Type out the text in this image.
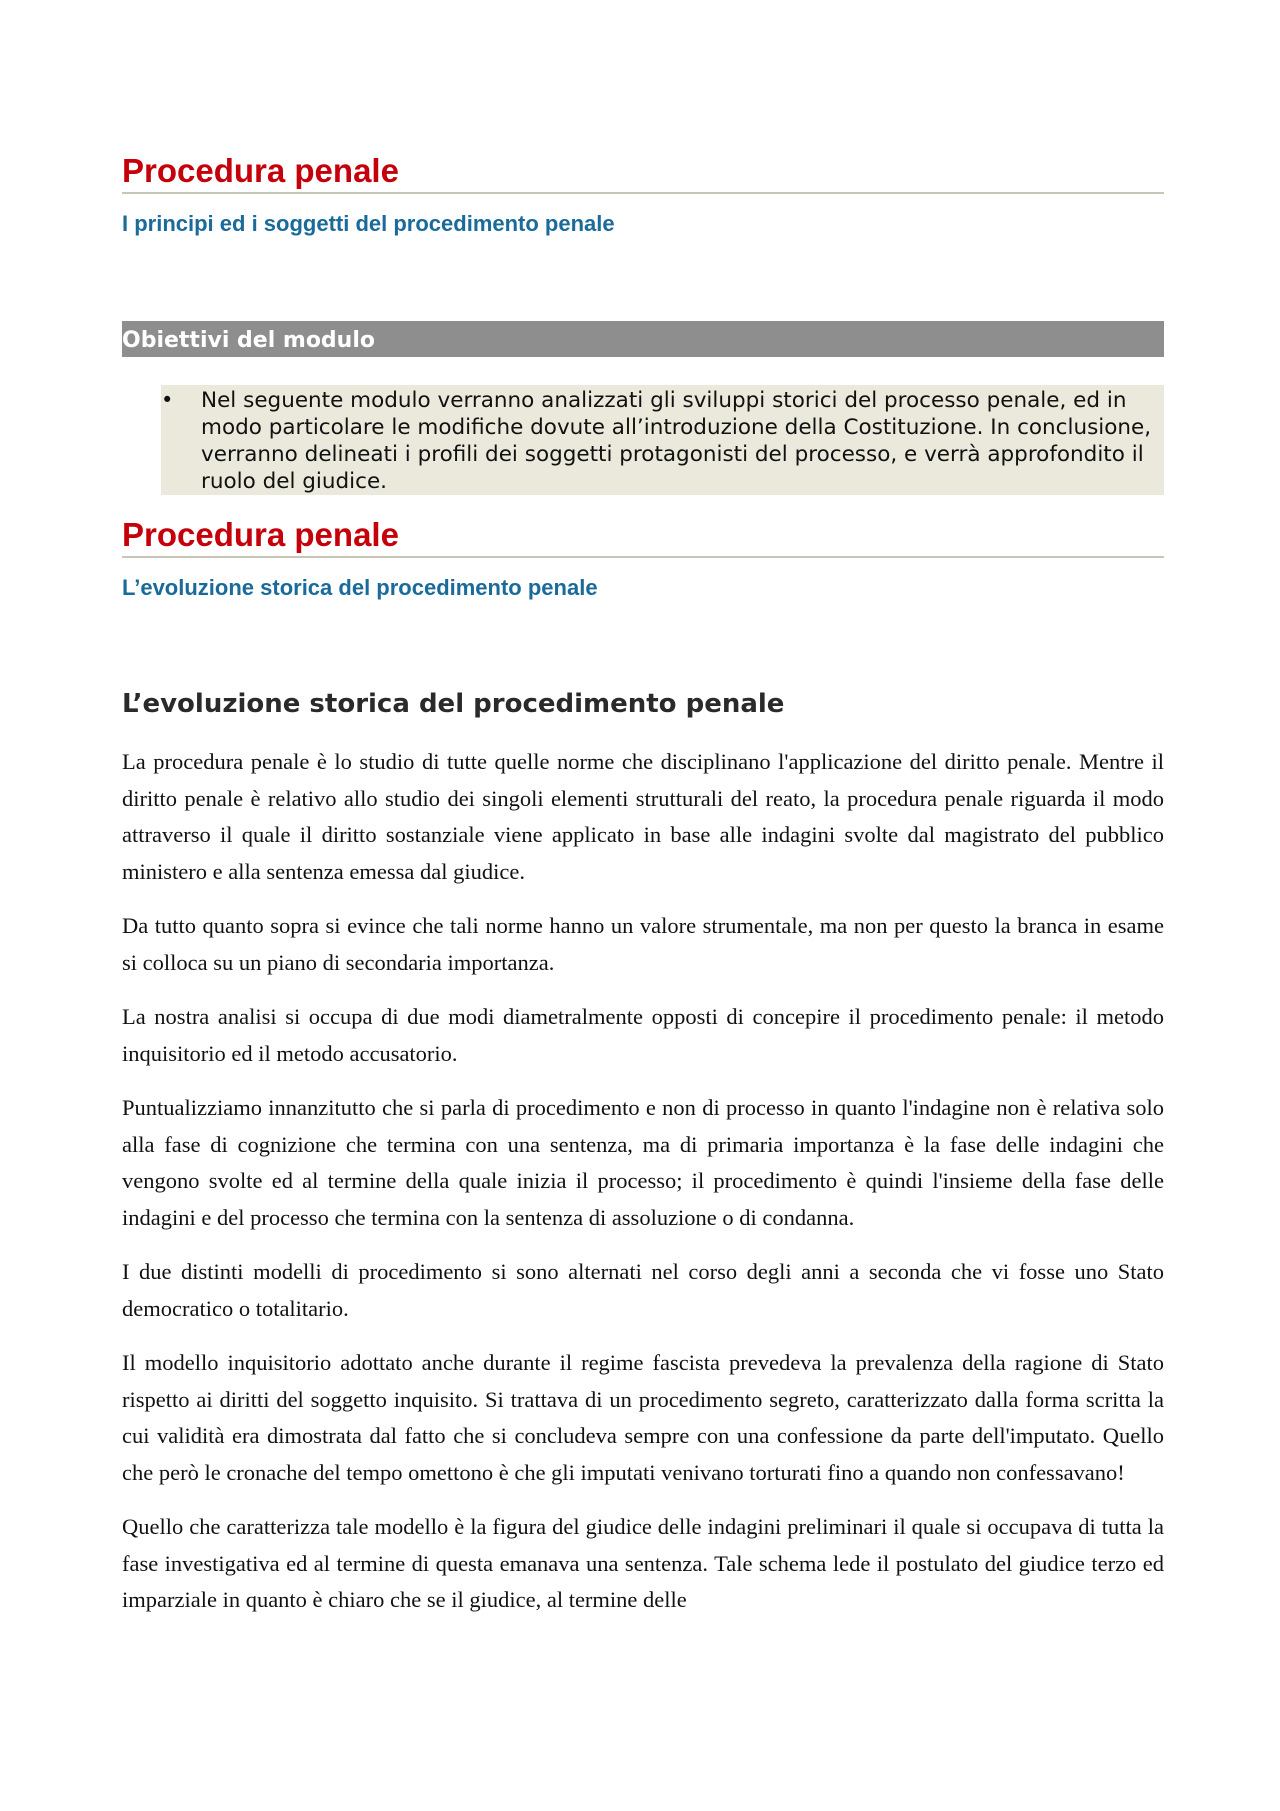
Procedura penale
I principi ed i soggetti del procedimento penale
Obiettivi del modulo
•	Nel seguente modulo verranno analizzati gli sviluppi storici del processo penale, ed in modo particolare le modifiche dovute all’introduzione della Costituzione. In conclusione, verranno delineati i profili dei soggetti protagonisti del processo, e verrà approfondito il ruolo del giudice.
Procedura penale
L’evoluzione storica del procedimento penale
L’evoluzione storica del procedimento penale

La procedura penale è lo studio di tutte quelle norme che disciplinano l'applicazione del diritto penale. Mentre il diritto penale è relativo allo studio dei singoli elementi strutturali del reato, la procedura penale riguarda il modo attraverso il quale il diritto sostanziale viene applicato in base alle indagini svolte dal magistrato del pubblico ministero e alla sentenza emessa dal giudice.

Da tutto quanto sopra si evince che tali norme hanno un valore strumentale, ma non per questo la branca in esame si colloca su un piano di secondaria importanza.

La nostra analisi si occupa di due modi diametralmente opposti di concepire il procedimento penale: il metodo inquisitorio ed il metodo accusatorio.

Puntualizziamo innanzitutto che si parla di procedimento e non di processo in quanto l'indagine non è relativa solo alla fase di cognizione che termina con una sentenza, ma di primaria importanza è la fase delle indagini che vengono svolte ed al termine della quale inizia il processo; il procedimento è quindi l'insieme della fase delle indagini e del processo che termina con la sentenza di assoluzione o di condanna.

I due distinti modelli di procedimento si sono alternati nel corso degli anni a seconda che vi fosse uno Stato democratico o totalitario.

Il modello inquisitorio adottato anche durante il regime fascista prevedeva la prevalenza della ragione di Stato rispetto ai diritti del soggetto inquisito. Si trattava di un procedimento segreto, caratterizzato dalla forma scritta la cui validità era dimostrata dal fatto che si concludeva sempre con una confessione da parte dell'imputato. Quello che però le cronache del tempo omettono è che gli imputati venivano torturati fino a quando non confessavano!

Quello che caratterizza tale modello è la figura del giudice delle indagini preliminari il quale si occupava di tutta la fase investigativa ed al termine di questa emanava una sentenza. Tale schema lede il postulato del giudice terzo ed imparziale in quanto è chiaro che se il giudice, al termine delle
